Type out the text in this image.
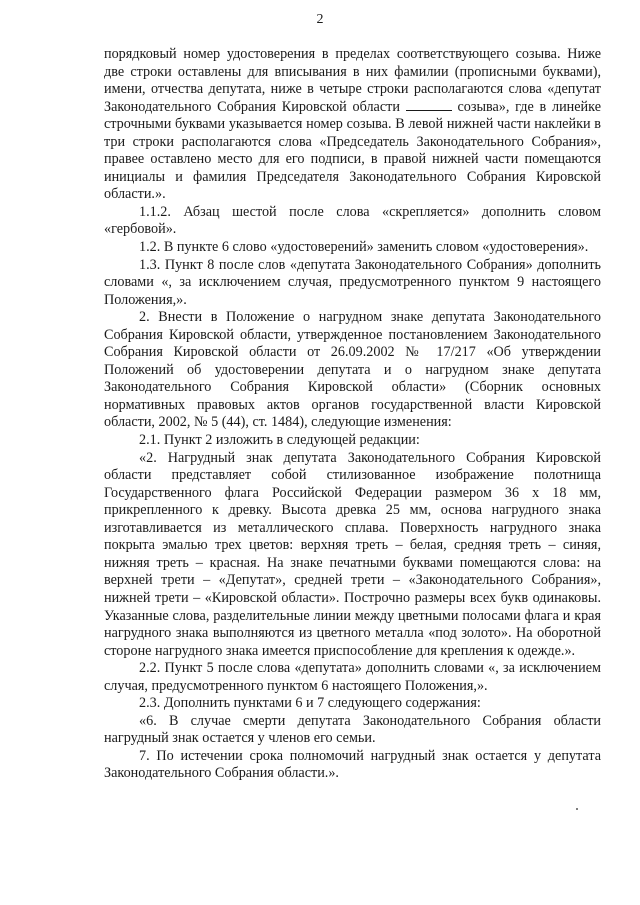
2

порядковый номер удостоверения в пределах соответствующего созыва. Ниже две строки оставлены для вписывания в них фамилии (прописными буквами), имени, отчества депутата, ниже в четыре строки располагаются слова «депутат Законодательного Собрания Кировской области	созыва», где в линейке строчными буквами указывается номер созыва. В левой нижней части наклейки в три строки располагаются слова «Председатель Законодательного Собрания», правее оставлено место для его подписи, в правой нижней части помещаются инициалы и фамилия Председателя Законодательного Собрания Кировской области.».

1.1.2. Абзац шестой после слова «скрепляется» дополнить словом «гербовой».

1.2. В пункте 6 слово «удостоверений» заменить словом «удостоверения».

1.3. Пункт 8 после слов «депутата Законодательного Собрания» дополнить словами «, за исключением случая, предусмотренного пунктом 9 настоящего Положения,».

2. Внести в Положение о нагрудном знаке депутата Законодательного Собрания Кировской области, утвержденное постановлением Законодательного Собрания Кировской области от 26.09.2002 № 17/217 «Об утверждении Положений об удостоверении депутата и о нагрудном знаке депутата Законодательного Собрания Кировской области» (Сборник основных нормативных правовых актов органов государственной власти Кировской области, 2002, № 5 (44), ст. 1484), следующие изменения:

2.1. Пункт 2 изложить в следующей редакции:

«2. Нагрудный знак депутата Законодательного Собрания Кировской области представляет собой стилизованное изображение полотнища Государственного флага Российской Федерации размером 36 х 18 мм, прикрепленного к древку. Высота древка 25 мм, основа нагрудного знака изготавливается из металлического сплава. Поверхность нагрудного знака покрыта эмалью трех цветов: верхняя треть – белая, средняя треть – синяя, нижняя треть – красная. На знаке печатными буквами помещаются слова: на верхней трети – «Депутат», средней трети – «Законодательного Собрания», нижней трети – «Кировской области». Построчно размеры всех букв одинаковы. Указанные слова, разделительные линии между цветными полосами флага и края нагрудного знака выполняются из цветного металла «под золото». На оборотной стороне нагрудного знака имеется приспособление для крепления к одежде.».

2.2. Пункт 5 после слова «депутата» дополнить словами «, за исключением случая, предусмотренного пунктом 6 настоящего Положения,».

2.3. Дополнить пунктами 6 и 7 следующего содержания:

«6. В случае смерти депутата Законодательного Собрания области нагрудный знак остается у членов его семьи.

7. По истечении срока полномочий нагрудный знак остается у депутата Законодательного Собрания области.».
